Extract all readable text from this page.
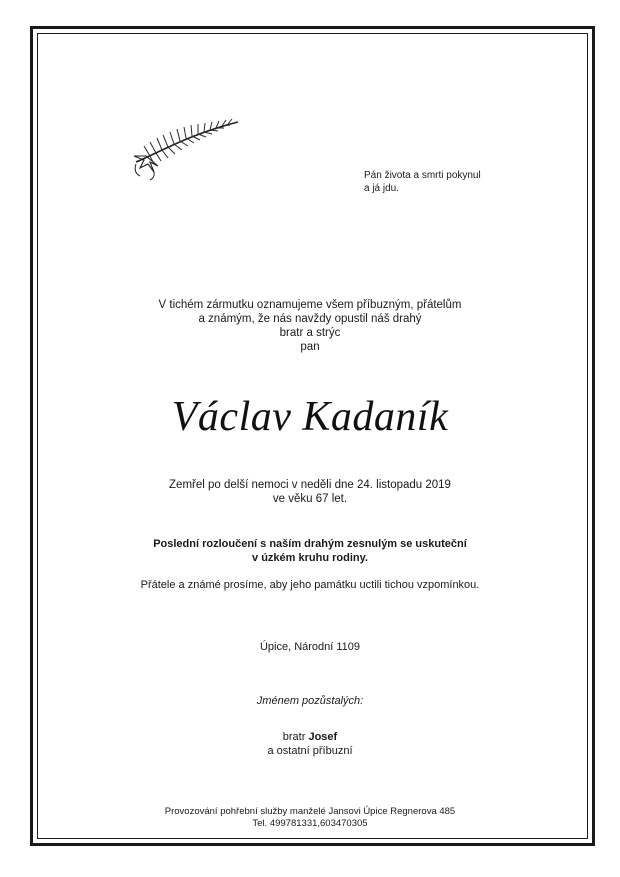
Pán života a smrti pokynul
a já jdu.
V tichém zármutku oznamujeme všem příbuzným, přátelům
a známým, že nás navždy opustil náš drahý
bratr a strýc
pan
Václav Kadaník
Zemřel po delší nemoci v neděli dne 24. listopadu 2019
ve věku 67 let.
Poslední rozloučení s naším drahým zesnulým se uskuteční
v úzkém kruhu rodiny.
Přátele a známé prosíme, aby jeho památku uctili tichou vzpomínkou.
Úpice, Národní 1109
Jménem pozůstalých:
bratr Josef
a ostatní příbuzní
Provozování pohřební služby manželé Jansovi Úpice Regnerova 485
Tel. 499781331,603470305
